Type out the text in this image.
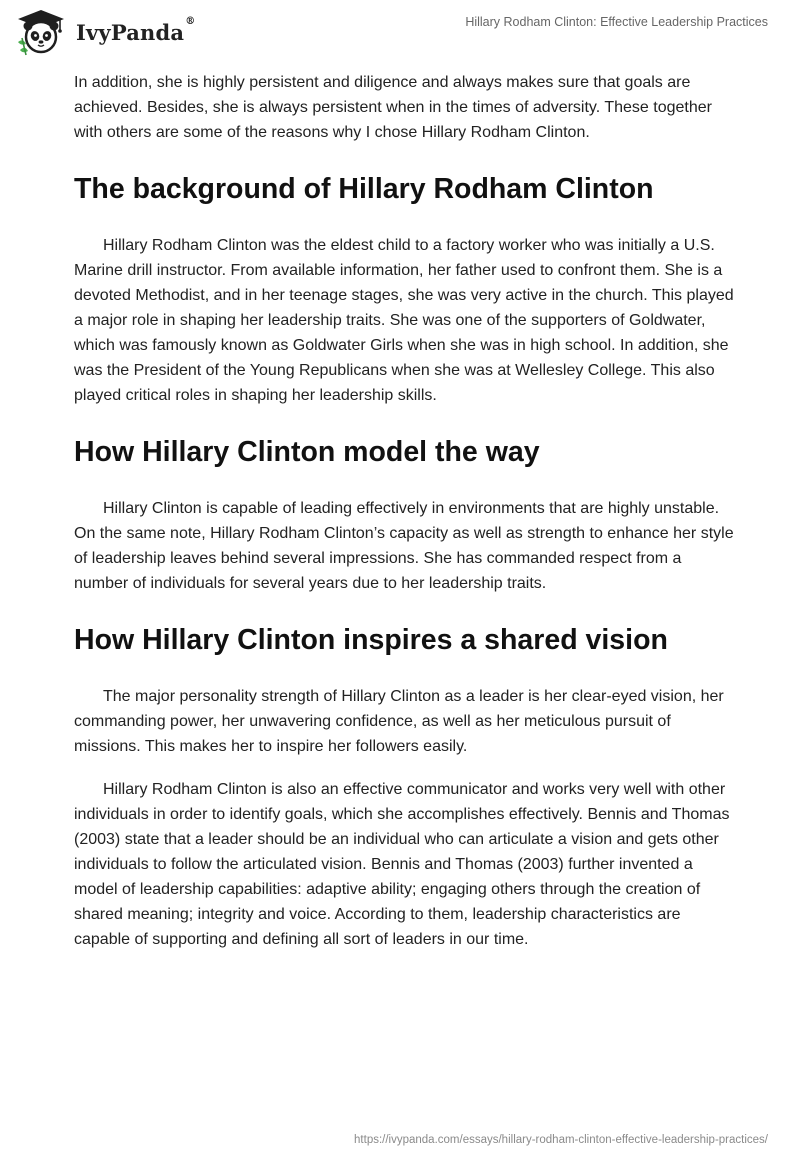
IvyPanda®	Hillary Rodham Clinton: Effective Leadership Practices

In addition, she is highly persistent and diligence and always makes sure that goals are achieved. Besides, she is always persistent when in the times of adversity. These together with others are some of the reasons why I chose Hillary Rodham Clinton.

The background of Hillary Rodham Clinton

Hillary Rodham Clinton was the eldest child to a factory worker who was initially a U.S. Marine drill instructor. From available information, her father used to confront them. She is a devoted Methodist, and in her teenage stages, she was very active in the church. This played a major role in shaping her leadership traits. She was one of the supporters of Goldwater, which was famously known as Goldwater Girls when she was in high school. In addition, she was the President of the Young Republicans when she was at Wellesley College. This also played critical roles in shaping her leadership skills.

How Hillary Clinton model the way

Hillary Clinton is capable of leading effectively in environments that are highly unstable. On the same note, Hillary Rodham Clinton’s capacity as well as strength to enhance her style of leadership leaves behind several impressions. She has commanded respect from a number of individuals for several years due to her leadership traits.

How Hillary Clinton inspires a shared vision

The major personality strength of Hillary Clinton as a leader is her clear-eyed vision, her commanding power, her unwavering confidence, as well as her meticulous pursuit of missions. This makes her to inspire her followers easily.

Hillary Rodham Clinton is also an effective communicator and works very well with other individuals in order to identify goals, which she accomplishes effectively. Bennis and Thomas (2003) state that a leader should be an individual who can articulate a vision and gets other individuals to follow the articulated vision. Bennis and Thomas (2003) further invented a model of leadership capabilities: adaptive ability; engaging others through the creation of shared meaning; integrity and voice. According to them, leadership characteristics are capable of supporting and defining all sort of leaders in our time.

https://ivypanda.com/essays/hillary-rodham-clinton-effective-leadership-practices/
